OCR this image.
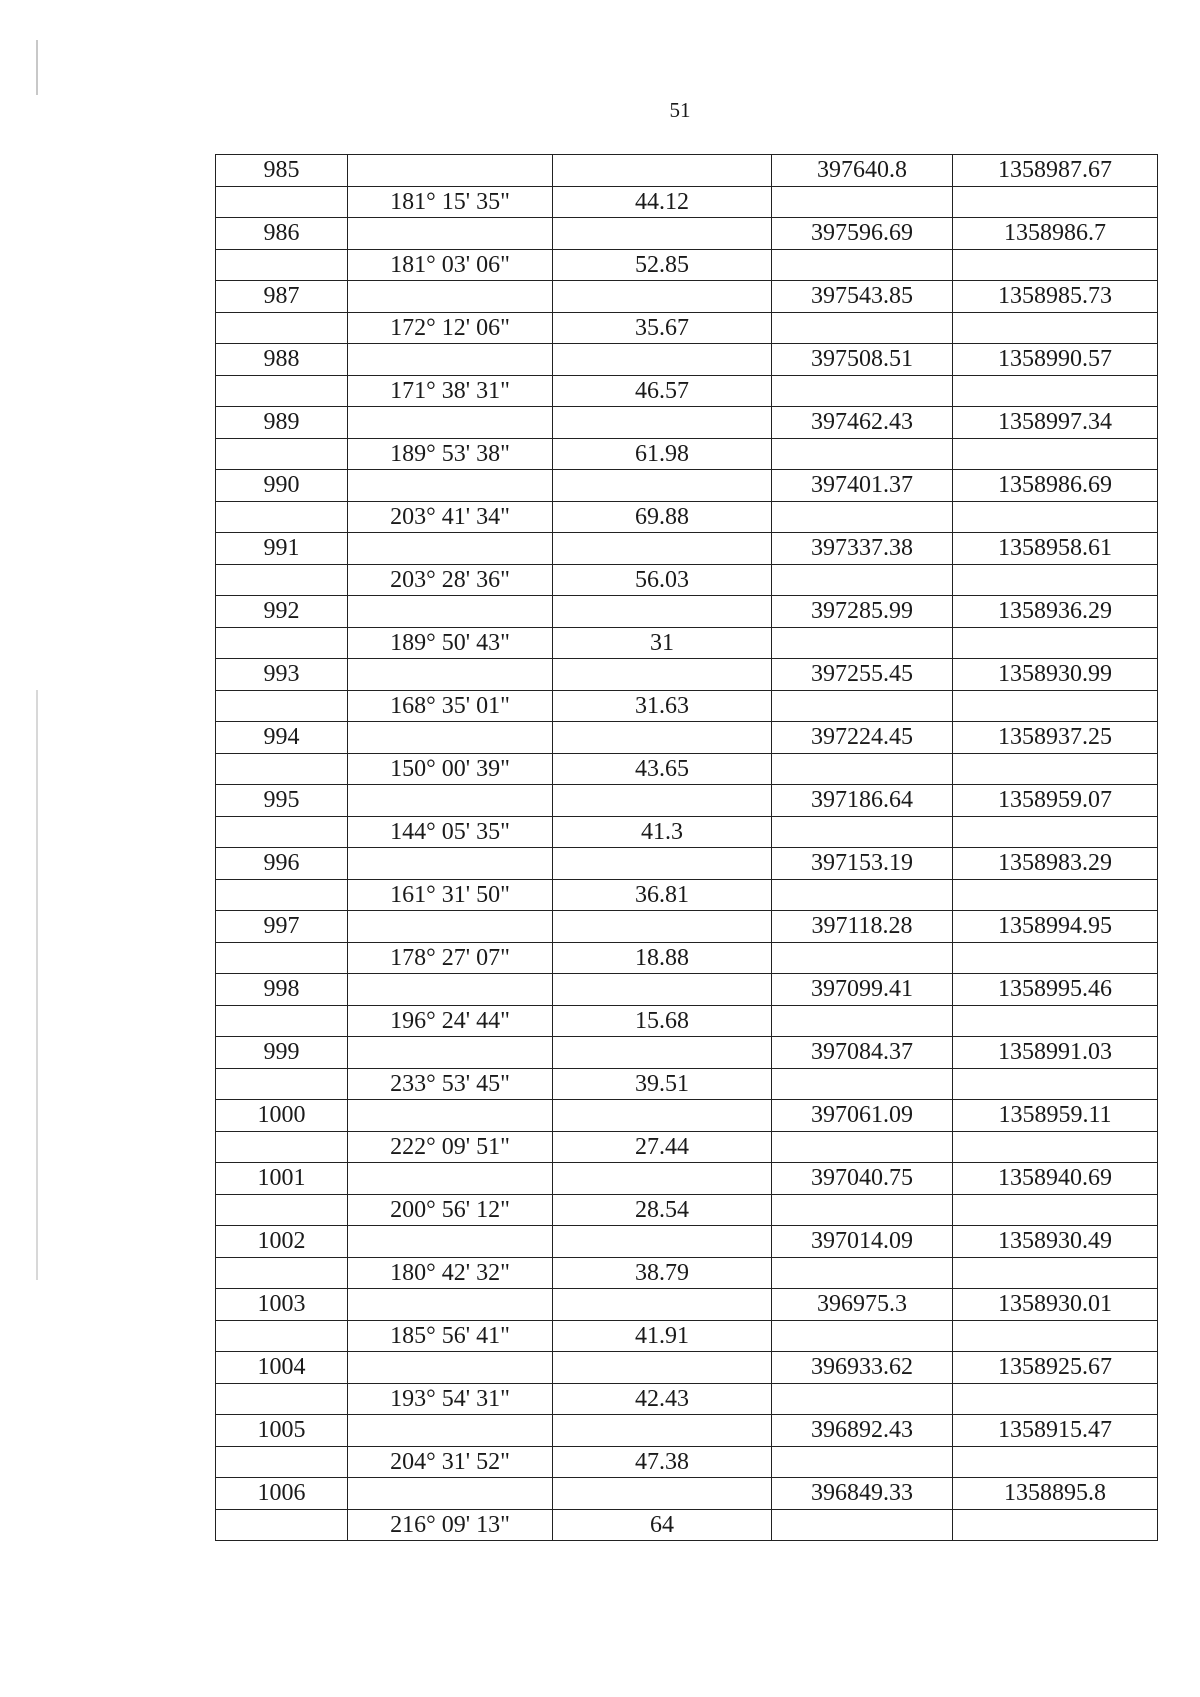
51
985			397640.8	1358987.67
	181° 15' 35"	44.12		
986			397596.69	1358986.7
	181° 03' 06"	52.85		
987			397543.85	1358985.73
	172° 12' 06"	35.67		
988			397508.51	1358990.57
	171° 38' 31"	46.57		
989			397462.43	1358997.34
	189° 53' 38"	61.98		
990			397401.37	1358986.69
	203° 41' 34"	69.88		
991			397337.38	1358958.61
	203° 28' 36"	56.03		
992			397285.99	1358936.29
	189° 50' 43"	31		
993			397255.45	1358930.99
	168° 35' 01"	31.63		
994			397224.45	1358937.25
	150° 00' 39"	43.65		
995			397186.64	1358959.07
	144° 05' 35"	41.3		
996			397153.19	1358983.29
	161° 31' 50"	36.81		
997			397118.28	1358994.95
	178° 27' 07"	18.88		
998			397099.41	1358995.46
	196° 24' 44"	15.68		
999			397084.37	1358991.03
	233° 53' 45"	39.51		
1000			397061.09	1358959.11
	222° 09' 51"	27.44		
1001			397040.75	1358940.69
	200° 56' 12"	28.54		
1002			397014.09	1358930.49
	180° 42' 32"	38.79		
1003			396975.3	1358930.01
	185° 56' 41"	41.91		
1004			396933.62	1358925.67
	193° 54' 31"	42.43		
1005			396892.43	1358915.47
	204° 31' 52"	47.38		
1006			396849.33	1358895.8
	216° 09' 13"	64		
